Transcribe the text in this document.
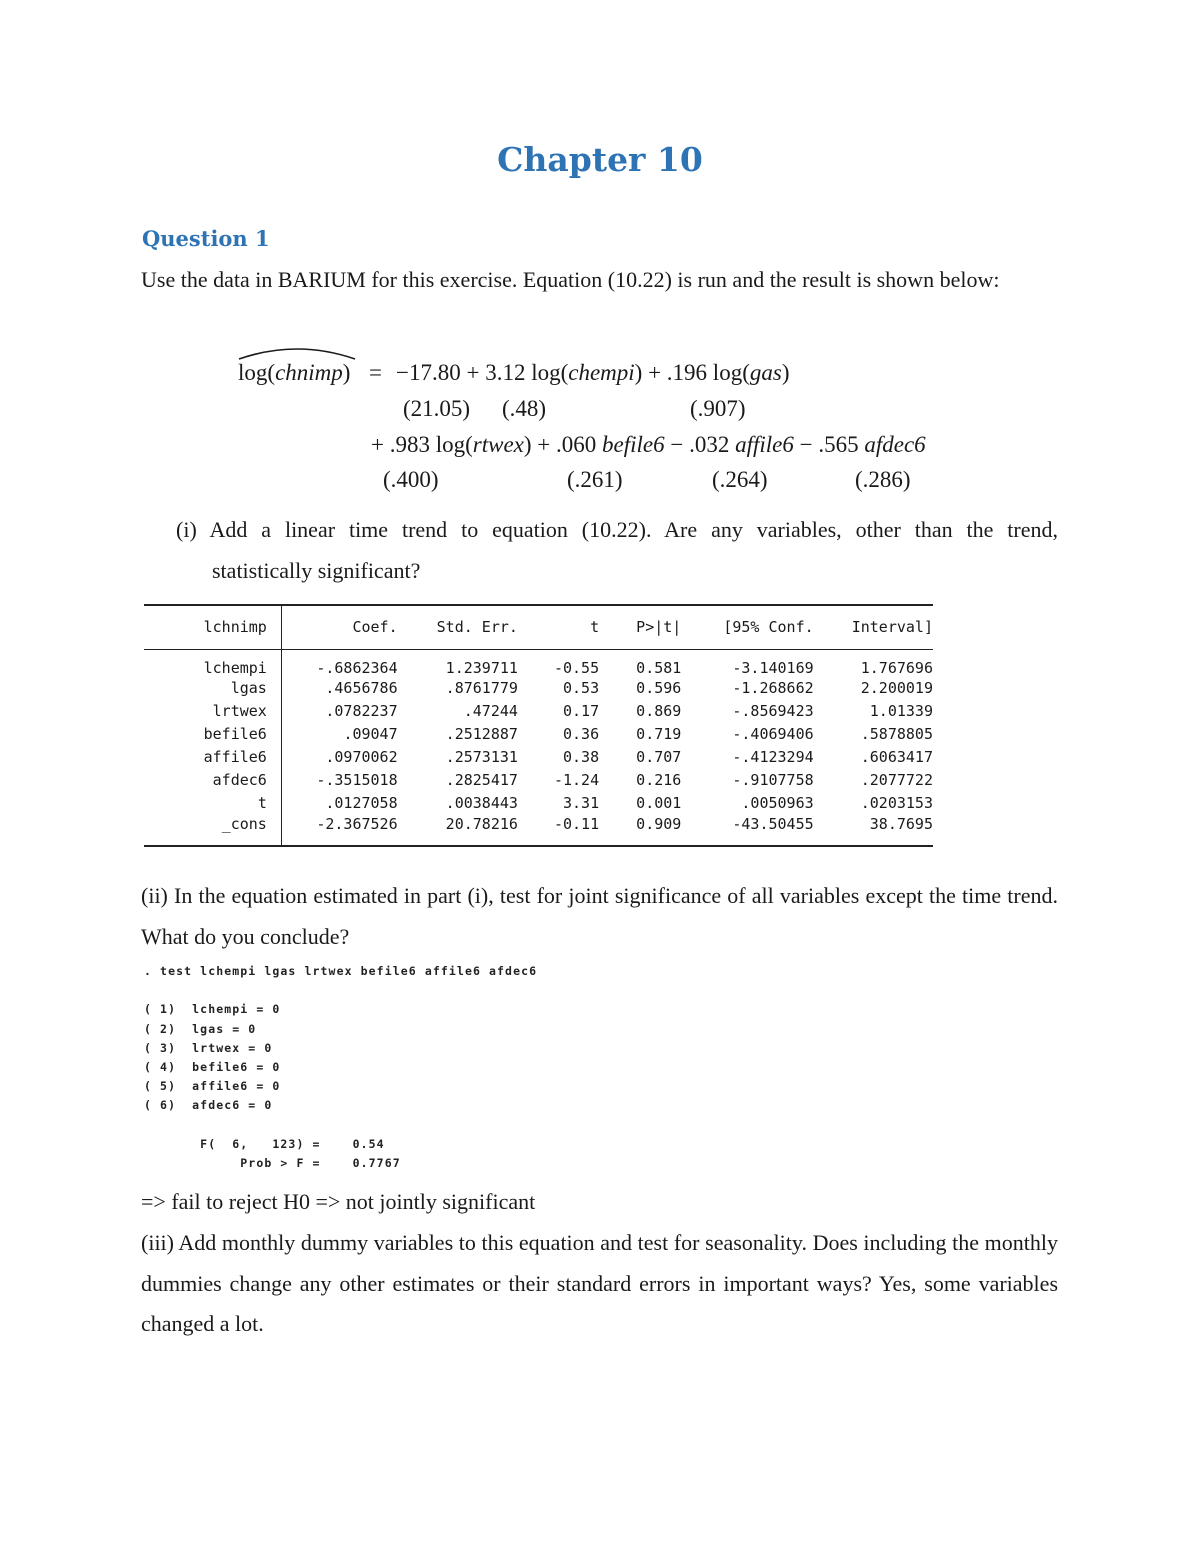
Chapter 10
Question 1
Use the data in BARIUM for this exercise. Equation (10.22) is run and the result is shown below:
log(chnimp) = −17.80 + 3.12 log(chempi) + .196 log(gas)
(21.05) (.48)	(.907)
+ .983 log(rtwex) + .060 befile6 − .032 affile6 − .565 afdec6
(.400)	(.261)	(.264)	(.286)
(i) Add a linear time trend to equation (10.22). Are any variables, other than the trend,
statistically significant?
lchnimp	Coef.	Std. Err.	t	P>|t|	[95% Conf.	Interval]
lchempi	-.6862364	1.239711	-0.55	0.581	-3.140169	1.767696
lgas	.4656786	.8761779	0.53	0.596	-1.268662	2.200019
lrtwex	.0782237	.47244	0.17	0.869	-.8569423	1.01339
befile6	.09047	.2512887	0.36	0.719	-.4069406	.5878805
affile6	.0970062	.2573131	0.38	0.707	-.4123294	.6063417
afdec6	-.3515018	.2825417	-1.24	0.216	-.9107758	.2077722
t	.0127058	.0038443	3.31	0.001	.0050963	.0203153
_cons	-2.367526	20.78216	-0.11	0.909	-43.50455	38.7695
(ii) In the equation estimated in part (i), test for joint significance of all variables except the time trend. What do you conclude?
. test lchempi lgas lrtwex befile6 affile6 afdec6

( 1)  lchempi = 0
( 2)  lgas = 0
( 3)  lrtwex = 0
( 4)  befile6 = 0
( 5)  affile6 = 0
( 6)  afdec6 = 0

F(  6,   123) =    0.54
Prob > F =    0.7767
=> fail to reject H0 => not jointly significant
(iii) Add monthly dummy variables to this equation and test for seasonality. Does including the monthly dummies change any other estimates or their standard errors in important ways? Yes, some variables changed a lot.
